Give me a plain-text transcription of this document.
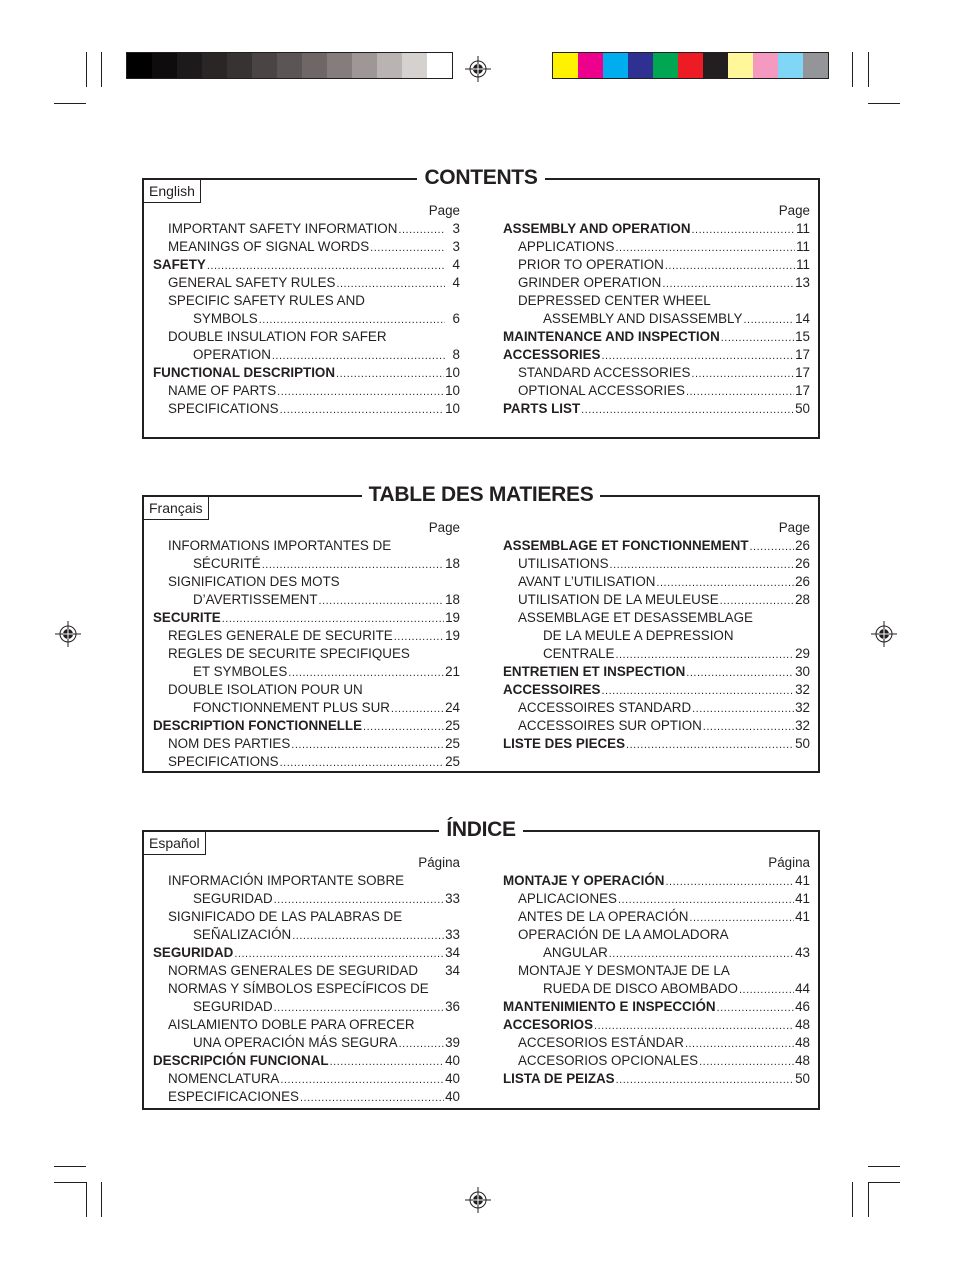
CONTENTS
English
Page
IMPORTANT SAFETY INFORMATION .....	3
MEANINGS OF SIGNAL WORDS .....	3
SAFETY .....	4
GENERAL SAFETY RULES .....	4
SPECIFIC SAFETY RULES AND
SYMBOLS .....	6
DOUBLE INSULATION FOR SAFER
OPERATION .....	8
FUNCTIONAL DESCRIPTION .....	10
NAME OF PARTS .....	10
SPECIFICATIONS .....	10
Page
ASSEMBLY AND OPERATION .....	11
APPLICATIONS .....	11
PRIOR TO OPERATION .....	11
GRINDER OPERATION .....	13
DEPRESSED CENTER WHEEL
ASSEMBLY AND DISASSEMBLY .....	14
MAINTENANCE AND INSPECTION .....	15
ACCESSORIES .....	17
STANDARD ACCESSORIES .....	17
OPTIONAL ACCESSORIES .....	17
PARTS LIST .....	50
TABLE DES MATIERES
Français
Page
INFORMATIONS IMPORTANTES DE
SÉCURITÉ .....	18
SIGNIFICATION DES MOTS
D’AVERTISSEMENT .....	18
SECURITE .....	19
REGLES GENERALE DE SECURITE .....	19
REGLES DE SECURITE SPECIFIQUES
ET SYMBOLES .....	21
DOUBLE ISOLATION POUR UN
FONCTIONNEMENT PLUS SUR .....	24
DESCRIPTION FONCTIONNELLE .....	25
NOM DES PARTIES .....	25
SPECIFICATIONS .....	25
Page
ASSEMBLAGE ET FONCTIONNEMENT .....	26
UTILISATIONS .....	26
AVANT L’UTILISATION .....	26
UTILISATION DE LA MEULEUSE .....	28
ASSEMBLAGE ET DESASSEMBLAGE
DE LA MEULE A DEPRESSION
CENTRALE .....	29
ENTRETIEN ET INSPECTION .....	30
ACCESSOIRES .....	32
ACCESSOIRES STANDARD .....	32
ACCESSOIRES SUR OPTION .....	32
LISTE DES PIECES .....	50
ÍNDICE
Español
Página
INFORMACIÓN IMPORTANTE SOBRE
SEGURIDAD .....	33
SIGNIFICADO DE LAS PALABRAS DE
SEÑALIZACIÓN .....	33
SEGURIDAD .....	34
NORMAS GENERALES DE SEGURIDAD 34
NORMAS Y SÍMBOLOS ESPECÍFICOS DE
SEGURIDAD .....	36
AISLAMIENTO DOBLE PARA OFRECER
UNA OPERACIÓN MÁS SEGURA .....	39
DESCRIPCIÓN FUNCIONAL .....	40
NOMENCLATURA .....	40
ESPECIFICACIONES .....	40
Página
MONTAJE Y OPERACIÓN .....	41
APLICACIONES .....	41
ANTES DE LA OPERACIÓN .....	41
OPERACIÓN DE LA AMOLADORA
ANGULAR .....	43
MONTAJE Y DESMONTAJE DE LA
RUEDA DE DISCO ABOMBADO .....	44
MANTENIMIENTO E INSPECCIÓN .....	46
ACCESORIOS .....	48
ACCESORIOS ESTÁNDAR .....	48
ACCESORIOS OPCIONALES .....	48
LISTA DE PEIZAS .....	50
